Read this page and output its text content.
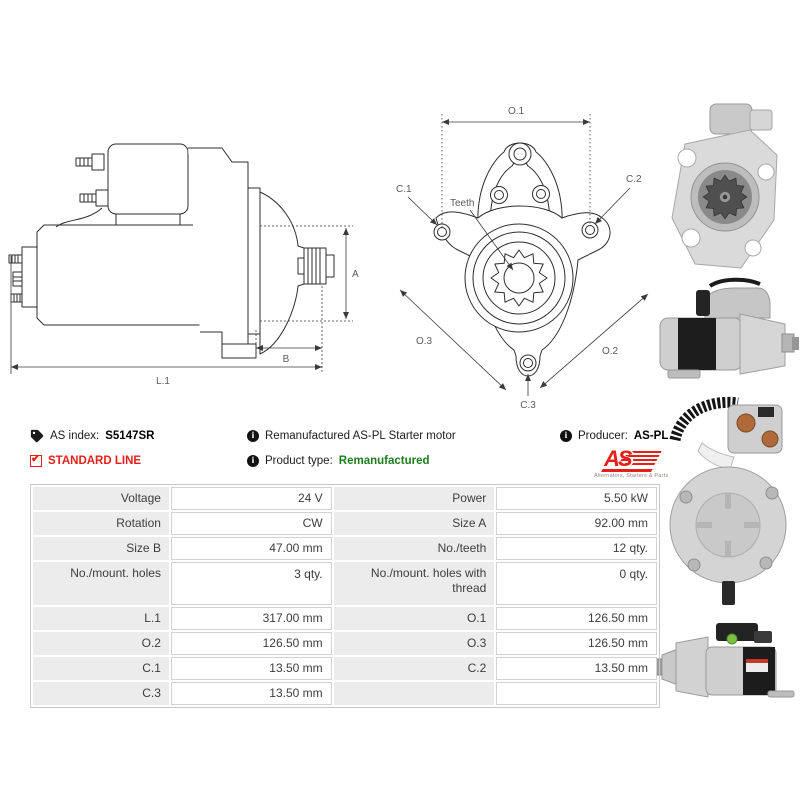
A
B
L.1
O.1
C.1
C.2
Teeth
O.3
O.2
C.3
AS index: S5147SR
✔ STANDARD LINE
i Remanufactured AS-PL Starter motor
i Product type: Remanufactured
i Producer: AS-PL
AS
Alternators, Starters & Parts
Voltage	24 V	Power	5.50 kW
Rotation	CW	Size A	92.00 mm
Size B	47.00 mm	No./teeth	12 qty.
No./mount. holes	3 qty.	No./mount. holes with thread	0 qty.
L.1	317.00 mm	O.1	126.50 mm
O.2	126.50 mm	O.3	126.50 mm
C.1	13.50 mm	C.2	13.50 mm
C.3	13.50 mm		
